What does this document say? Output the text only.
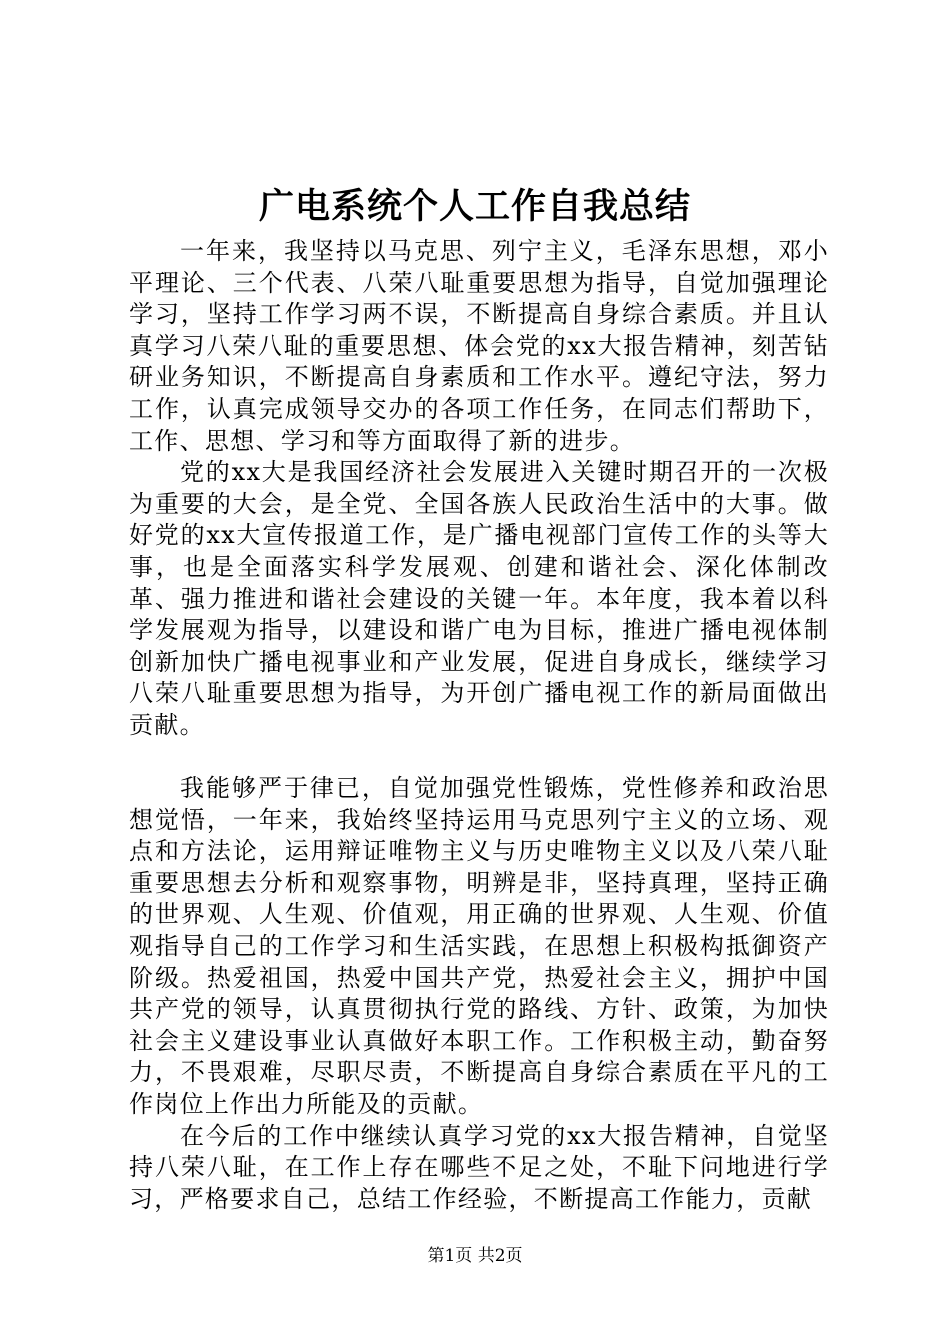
广电系统个人工作自我总结

一年来，我坚持以马克思、列宁主义，毛泽东思想，邓小平理论、三个代表、八荣八耻重要思想为指导，自觉加强理论学习，坚持工作学习两不误，不断提高自身综合素质。并且认真学习八荣八耻的重要思想、体会党的xx大报告精神，刻苦钻研业务知识，不断提高自身素质和工作水平。遵纪守法，努力工作，认真完成领导交办的各项工作任务，在同志们帮助下，工作、思想、学习和等方面取得了新的进步。

党的xx大是我国经济社会发展进入关键时期召开的一次极为重要的大会，是全党、全国各族人民政治生活中的大事。做好党的xx大宣传报道工作，是广播电视部门宣传工作的头等大事，也是全面落实科学发展观、创建和谐社会、深化体制改革、强力推进和谐社会建设的关键一年。本年度，我本着以科学发展观为指导，以建设和谐广电为目标，推进广播电视体制创新加快广播电视事业和产业发展，促进自身成长，继续学习八荣八耻重要思想为指导，为开创广播电视工作的新局面做出贡献。

我能够严于律已，自觉加强党性锻炼，党性修养和政治思想觉悟，一年来，我始终坚持运用马克思列宁主义的立场、观点和方法论，运用辩证唯物主义与历史唯物主义以及八荣八耻重要思想去分析和观察事物，明辨是非，坚持真理，坚持正确的世界观、人生观、价值观，用正确的世界观、人生观、价值观指导自己的工作学习和生活实践，在思想上积极构抵御资产阶级。热爱祖国，热爱中国共产党，热爱社会主义，拥护中国共产党的领导，认真贯彻执行党的路线、方针、政策，为加快社会主义建设事业认真做好本职工作。工作积极主动，勤奋努力，不畏艰难，尽职尽责，不断提高自身综合素质在平凡的工作岗位上作出力所能及的贡献。

在今后的工作中继续认真学习党的xx大报告精神，自觉坚持八荣八耻，在工作上存在哪些不足之处，不耻下问地进行学习，严格要求自己，总结工作经验，不断提高工作能力，贡献

第1页 共2页
